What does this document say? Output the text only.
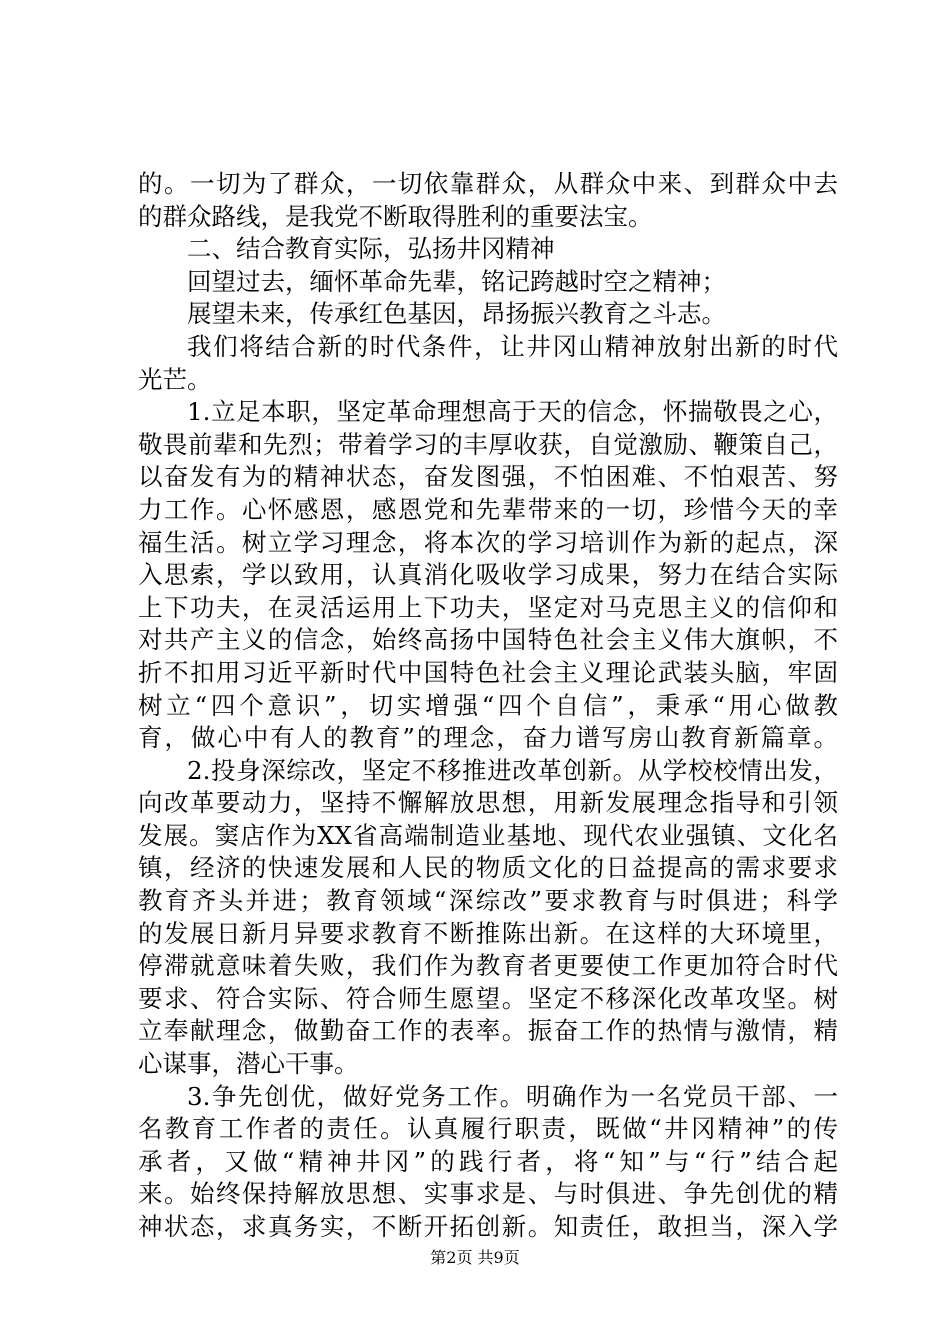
的。一切为了群众，一切依靠群众，从群众中来、到群众中去
的群众路线，是我党不断取得胜利的重要法宝。
二、结合教育实际，弘扬井冈精神
回望过去，缅怀革命先辈，铭记跨越时空之精神；
展望未来，传承红色基因，昂扬振兴教育之斗志。
我们将结合新的时代条件，让井冈山精神放射出新的时代
光芒。
1.立足本职，坚定革命理想高于天的信念，怀揣敬畏之心，
敬畏前辈和先烈；带着学习的丰厚收获，自觉激励、鞭策自己，
以奋发有为的精神状态，奋发图强，不怕困难、不怕艰苦、努
力工作。心怀感恩，感恩党和先辈带来的一切，珍惜今天的幸
福生活。树立学习理念，将本次的学习培训作为新的起点，深
入思索，学以致用，认真消化吸收学习成果，努力在结合实际
上下功夫，在灵活运用上下功夫，坚定对马克思主义的信仰和
对共产主义的信念，始终高扬中国特色社会主义伟大旗帜，不
折不扣用习近平新时代中国特色社会主义理论武装头脑，牢固
树立“四个意识”，切实增强“四个自信”，秉承“用心做教
育，做心中有人的教育”的理念，奋力谱写房山教育新篇章。
2.投身深综改，坚定不移推进改革创新。从学校校情出发，
向改革要动力，坚持不懈解放思想，用新发展理念指导和引领
发展。窦店作为XX省高端制造业基地、现代农业强镇、文化名
镇，经济的快速发展和人民的物质文化的日益提高的需求要求
教育齐头并进；教育领域“深综改”要求教育与时俱进；科学
的发展日新月异要求教育不断推陈出新。在这样的大环境里，
停滞就意味着失败，我们作为教育者更要使工作更加符合时代
要求、符合实际、符合师生愿望。坚定不移深化改革攻坚。树
立奉献理念，做勤奋工作的表率。振奋工作的热情与激情，精
心谋事，潜心干事。
3.争先创优，做好党务工作。明确作为一名党员干部、一
名教育工作者的责任。认真履行职责，既做“井冈精神”的传
承者，又做“精神井冈”的践行者，将“知”与“行”结合起
来。始终保持解放思想、实事求是、与时俱进、争先创优的精
神状态，求真务实，不断开拓创新。知责任，敢担当，深入学
第2页 共9页
